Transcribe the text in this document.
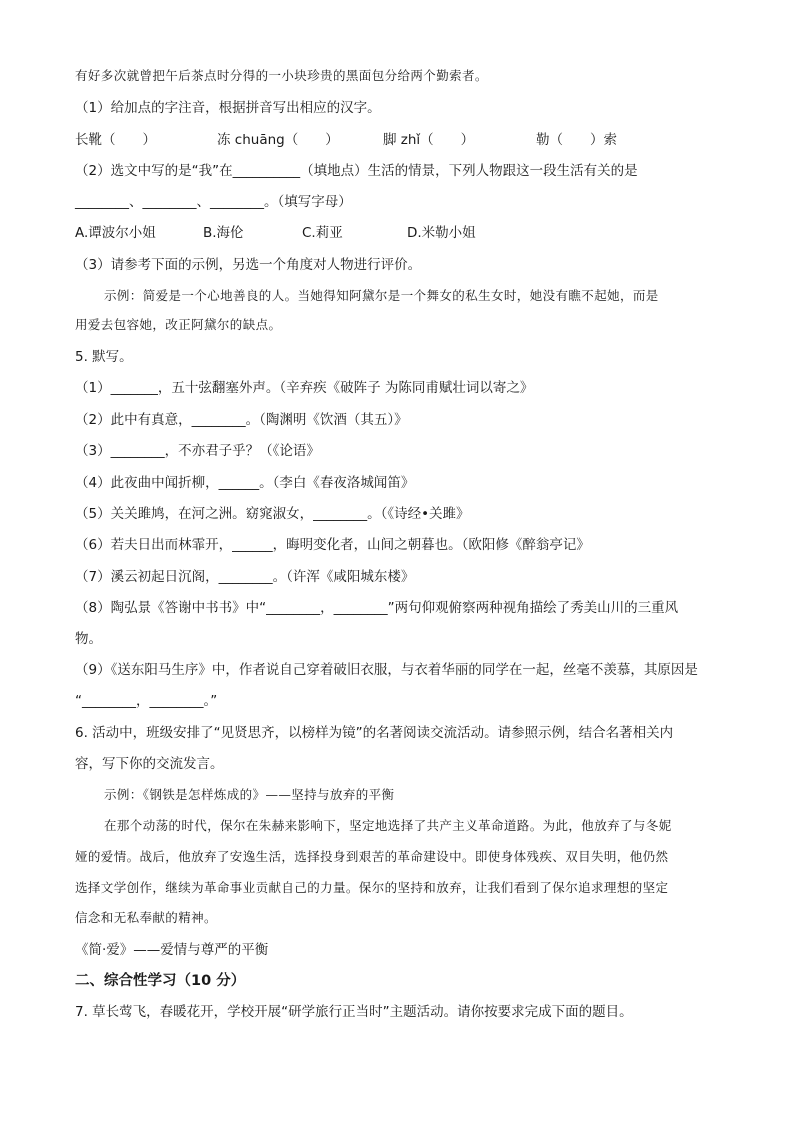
有好多次就曾把午后茶点时分得的一小块珍贵的黑面包分给两个勤索者。
（1）给加点的字注音，根据拼音写出相应的汉字。
长靴（　　）	冻 chuāng（　　）	脚 zhǐ（　　）	勒（　　）索
（2）选文中写的是“我”在__________（填地点）生活的情景，下列人物跟这一段生活有关的是
________、________、________。（填写字母）
A.谭波尔小姐	B.海伦	C.莉亚	D.米勒小姐
（3）请参考下面的示例，另选一个角度对人物进行评价。
示例：简爱是一个心地善良的人。当她得知阿黛尔是一个舞女的私生女时，她没有瞧不起她，而是
用爱去包容她，改正阿黛尔的缺点。
5. 默写。
（1）_______，五十弦翻塞外声。（辛弃疾《破阵子 为陈同甫赋壮词以寄之》
（2）此中有真意，________。（陶渊明《饮酒（其五）》
（3）________，不亦君子乎？（《论语》
（4）此夜曲中闻折柳，______。（李白《春夜洛城闻笛》
（5）关关雎鸠，在河之洲。窈窕淑女，________。（《诗经•关雎》
（6）若夫日出而林霏开，______，晦明变化者，山间之朝暮也。（欧阳修《醉翁亭记》
（7）溪云初起日沉阁，________。（许浑《咸阳城东楼》
（8）陶弘景《答谢中书书》中“________，________”两句仰观俯察两种视角描绘了秀美山川的三重风
物。
（9）《送东阳马生序》中，作者说自己穿着破旧衣服，与衣着华丽的同学在一起，丝毫不羡慕，其原因是
“________，________。”
6. 活动中，班级安排了“见贤思齐，以榜样为镜”的名著阅读交流活动。请参照示例，结合名著相关内
容，写下你的交流发言。
示例：《钢铁是怎样炼成的》——坚持与放弃的平衡
在那个动荡的时代，保尔在朱赫来影响下，坚定地选择了共产主义革命道路。为此，他放弃了与冬妮
娅的爱情。战后，他放弃了安逸生活，选择投身到艰苦的革命建设中。即使身体残疾、双目失明，他仍然
选择文学创作，继续为革命事业贡献自己的力量。保尔的坚持和放弃，让我们看到了保尔追求理想的坚定
信念和无私奉献的精神。
《简·爱》——爱情与尊严的平衡
二、综合性学习（10 分）
7. 草长莺飞，春暖花开，学校开展“研学旅行正当时”主题活动。请你按要求完成下面的题目。
